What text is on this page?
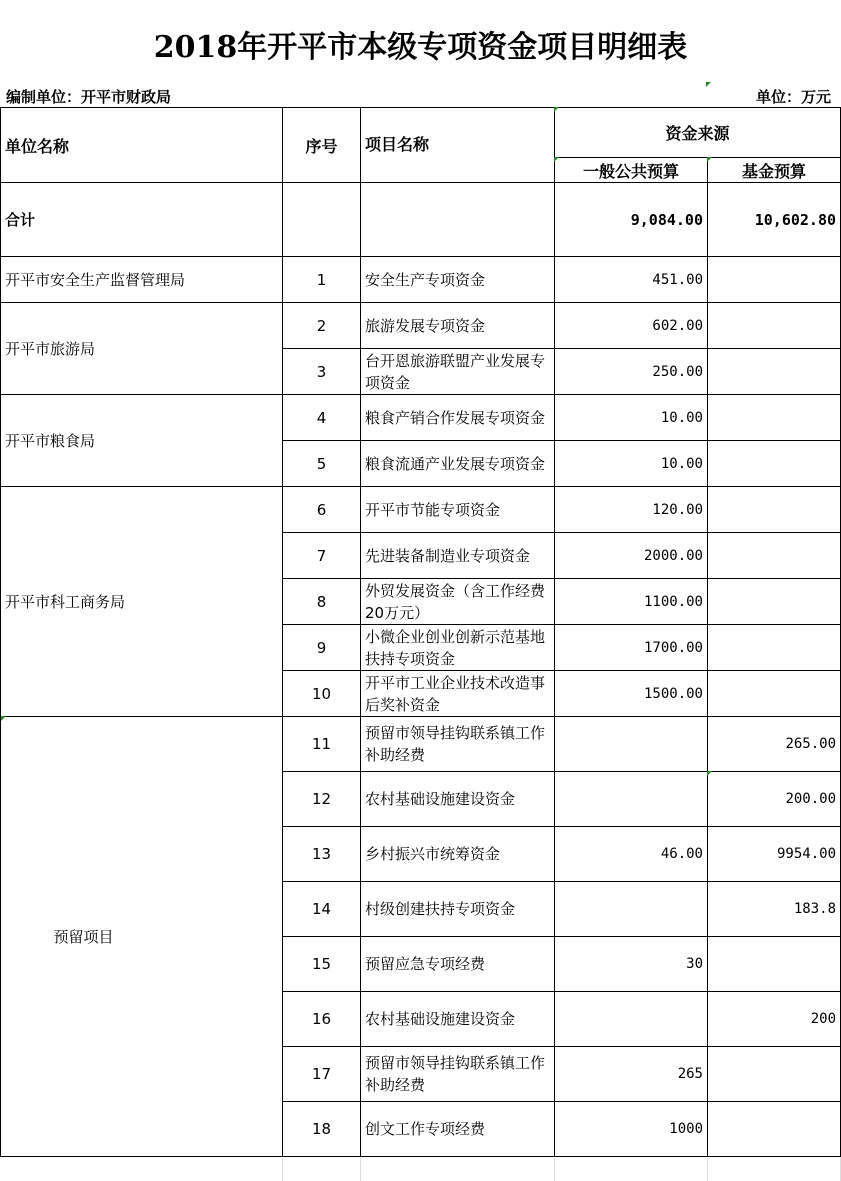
2018年开平市本级专项资金项目明细表
编制单位：开平市财政局	单位：万元
单位名称	序号	项目名称	资金来源	
			一般公共预算	基金预算
合计			9,084.00	10,602.80
开平市安全生产监督管理局	1	安全生产专项资金	451.00	
开平市旅游局	2	旅游发展专项资金	602.00	
	3	台开恩旅游联盟产业发展专项资金	250.00	
开平市粮食局	4	粮食产销合作发展专项资金	10.00	
	5	粮食流通产业发展专项资金	10.00	
开平市科工商务局	6	开平市节能专项资金	120.00	
	7	先进装备制造业专项资金	2000.00	
	8	外贸发展资金（含工作经费20万元）	1100.00	
	9	小微企业创业创新示范基地扶持专项资金	1700.00	
	10	开平市工业企业技术改造事后奖补资金	1500.00	
预留项目	11	预留市领导挂钩联系镇工作补助经费		265.00
	12	农村基础设施建设资金		200.00
	13	乡村振兴市统筹资金	46.00	9954.00
	14	村级创建扶持专项资金		183.8
	15	预留应急专项经费	30	
	16	农村基础设施建设资金		200
	17	预留市领导挂钩联系镇工作补助经费	265	
	18	创文工作专项经费	1000	
